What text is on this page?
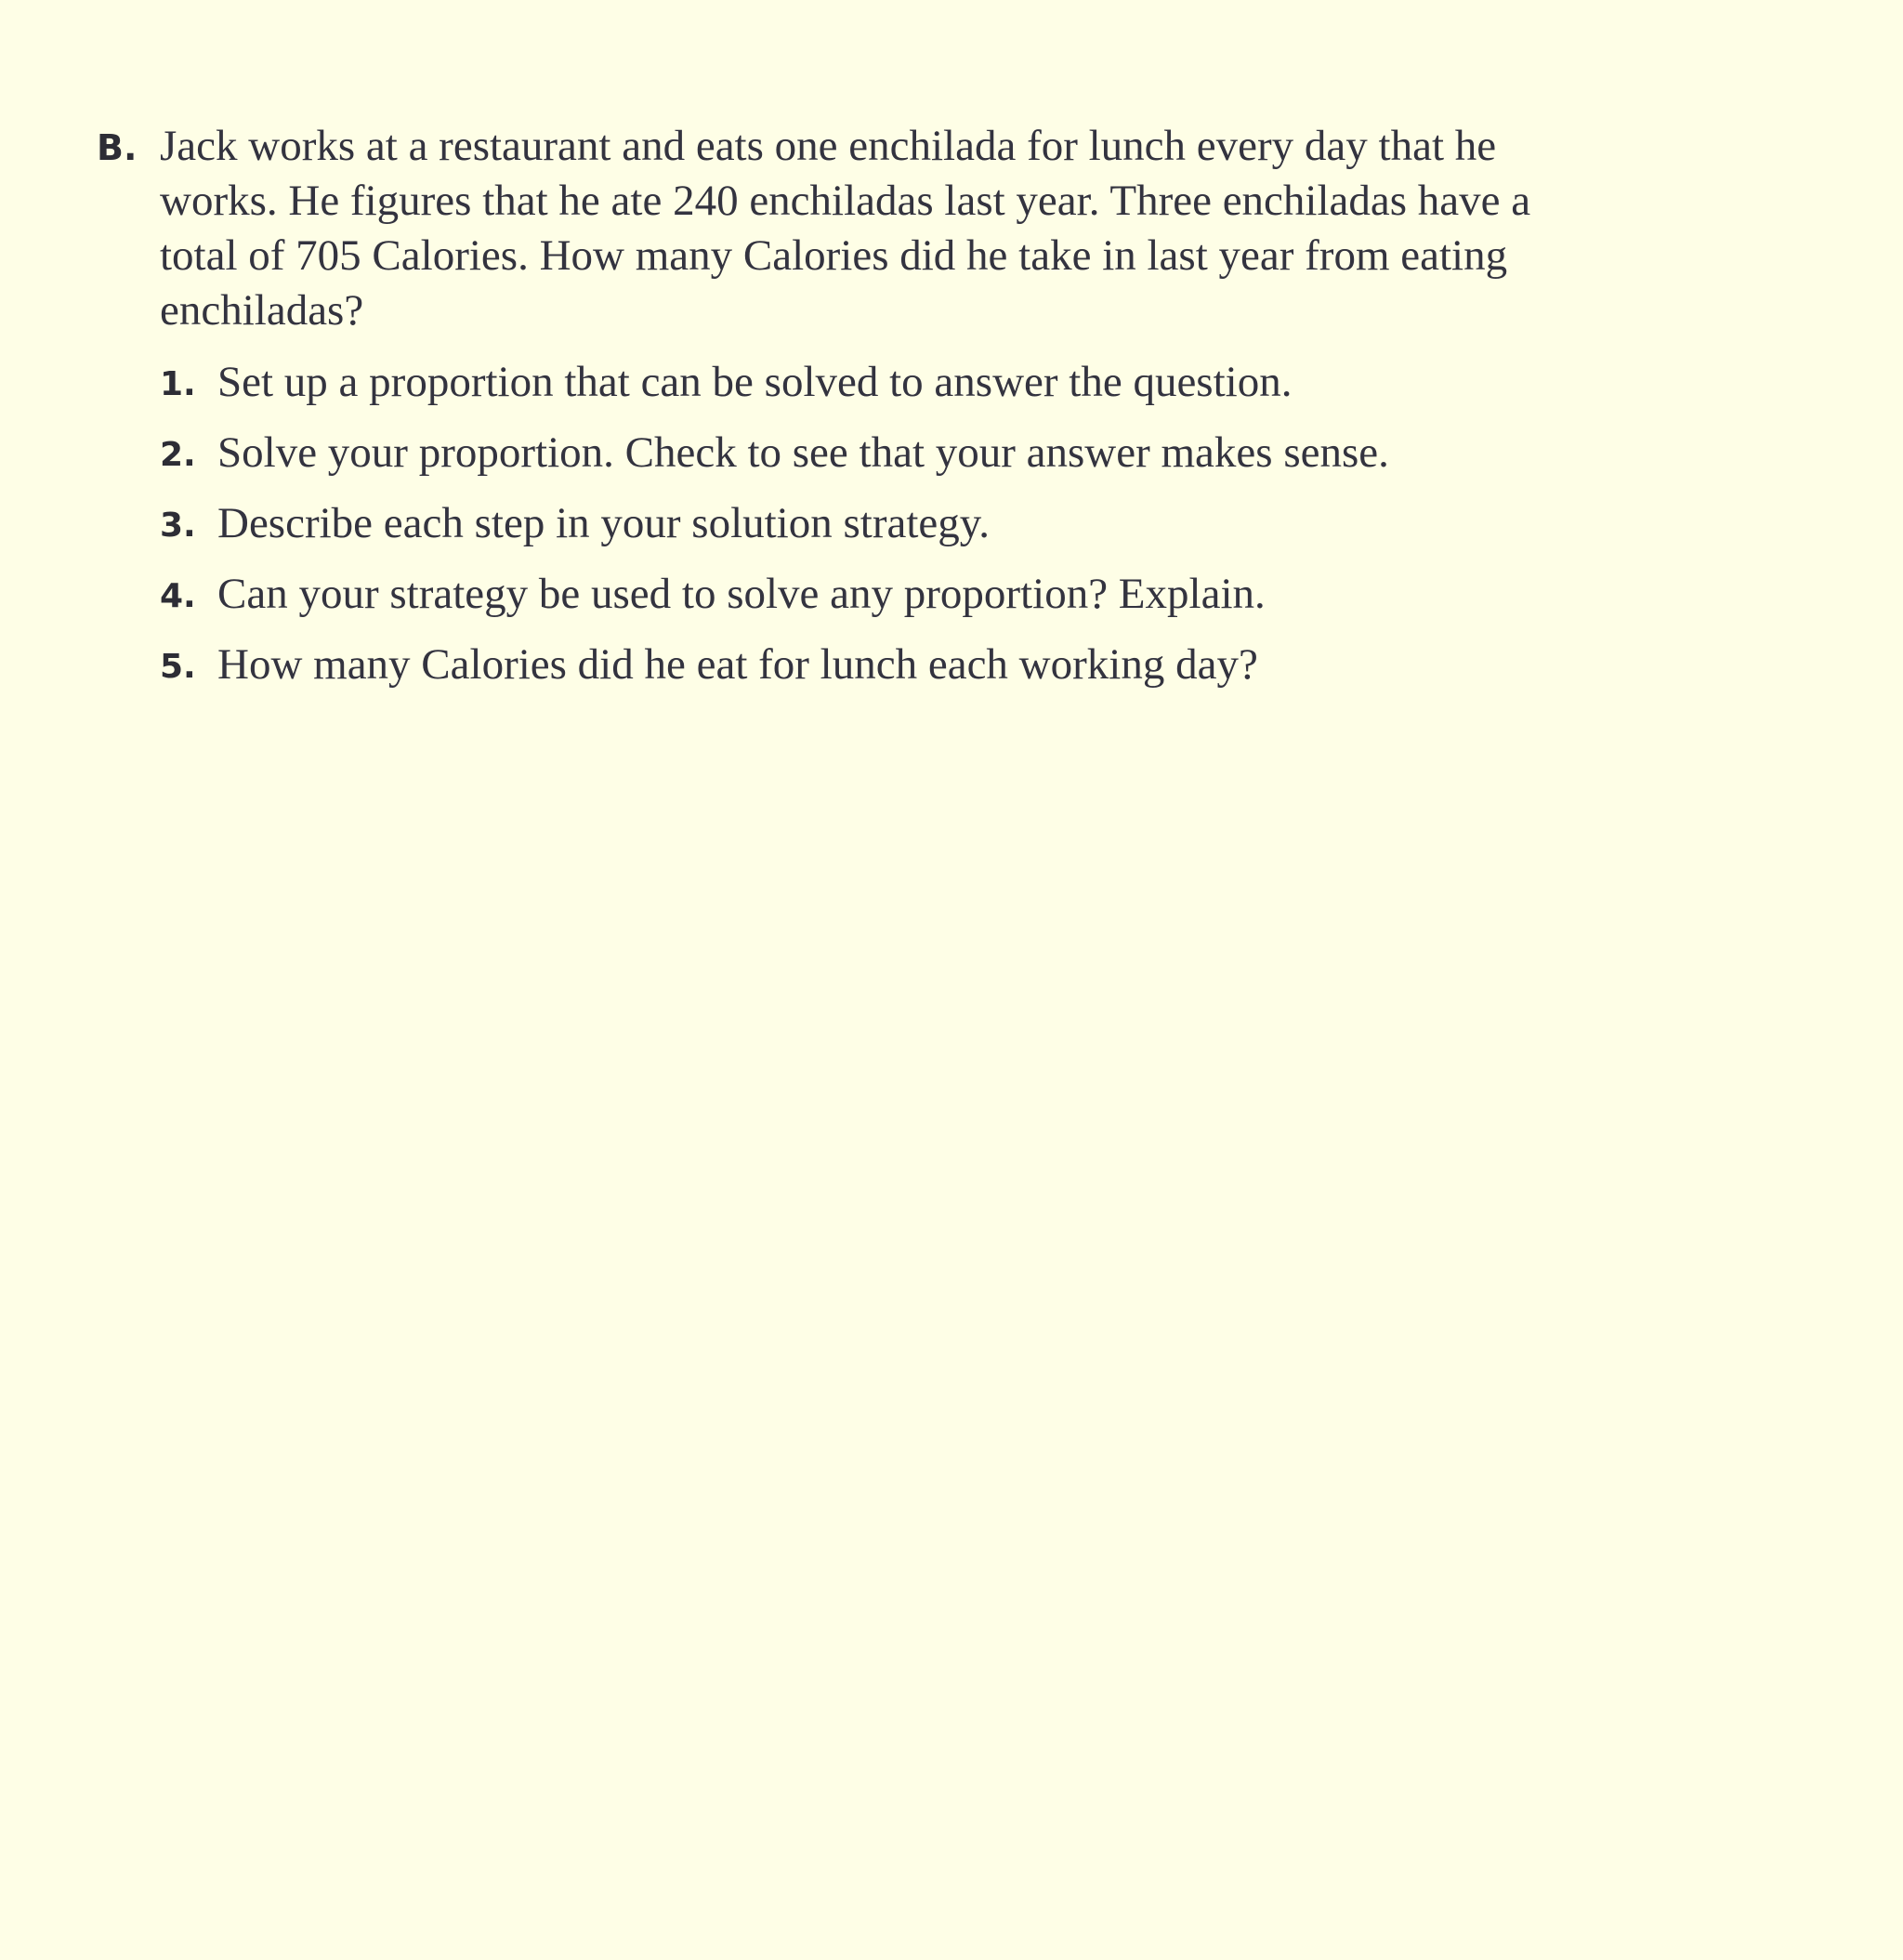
B. Jack works at a restaurant and eats one enchilada for lunch every day that he works. He figures that he ate 240 enchiladas last year. Three enchiladas have a total of 705 Calories. How many Calories did he take in last year from eating enchiladas?
1. Set up a proportion that can be solved to answer the question.
2. Solve your proportion. Check to see that your answer makes sense.
3. Describe each step in your solution strategy.
4. Can your strategy be used to solve any proportion? Explain.
5. How many Calories did he eat for lunch each working day?
